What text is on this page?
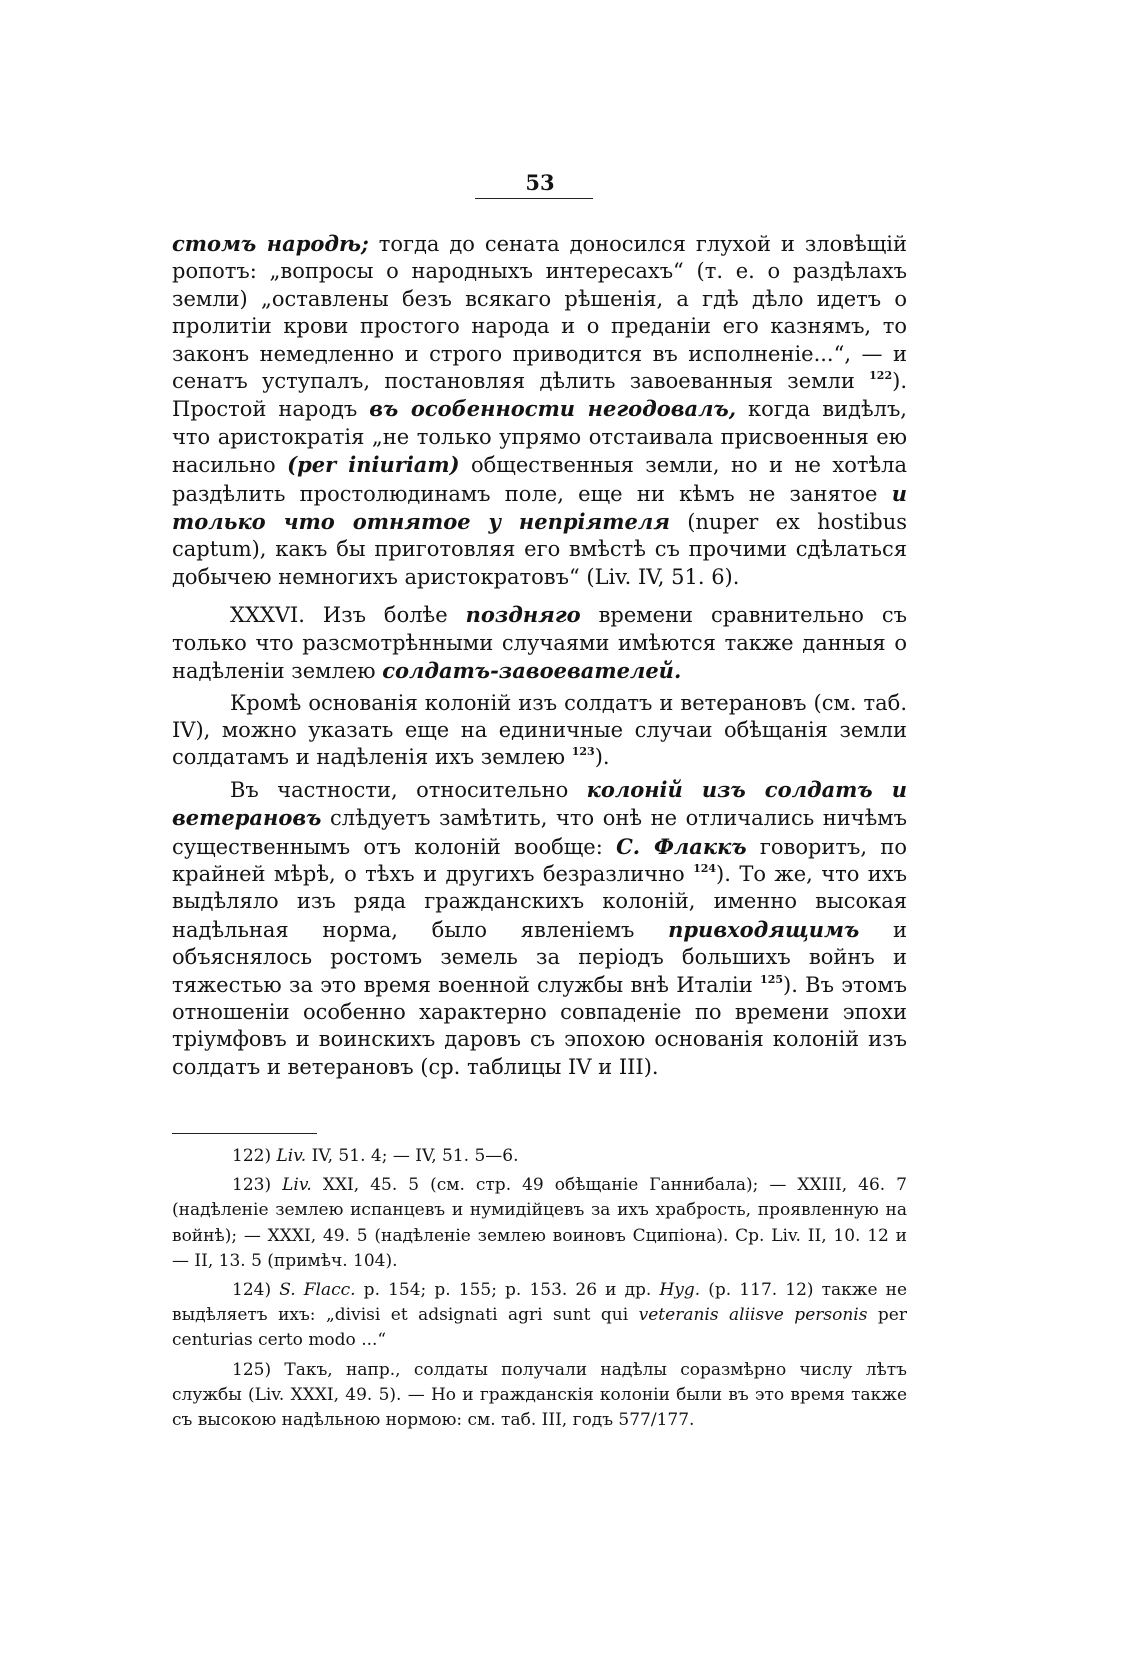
53

стомъ народѣ; тогда до сената доносился глухой и зловѣщій ропотъ: „вопросы о народныхъ интересахъ“ (т. е. о раздѣлахъ земли) „оставлены безъ всякаго рѣшенія, а гдѣ дѣло идетъ о пролитіи крови простого народа и о преданіи его казнямъ, то законъ немедленно и строго приводится въ исполненіе...“, — и сенатъ уступалъ, постановляя дѣлить завоеванныя земли $^{122}$). Простой народъ въ особенности негодовалъ, когда видѣлъ, что аристократія „не только упрямо отстаивала присвоенныя ею насильно (per iniuriam) общественныя земли, но и не хотѣла раздѣлить простолюдинамъ поле, еще ни кѣмъ не занятое и только что отнятое у непріятеля (nuper ex hostibus captum), какъ бы приготовляя его вмѣстѣ съ прочими сдѣлаться добычею немногихъ аристократовъ“ (Liv. IV, 51. 6).

XXXVI. Изъ болѣе поздняго времени сравнительно съ только что разсмотрѣнными случаями имѣются также данныя о надѣленіи землею солдатъ-завоевателей.

Кромѣ основанія колоній изъ солдатъ и ветерановъ (см. таб. IV), можно указать еще на единичные случаи обѣщанія земли солдатамъ и надѣленія ихъ землею $^{123}$).

Въ частности, относительно колоній изъ солдатъ и ветерановъ слѣдуетъ замѣтить, что онѣ не отличались ничѣмъ существеннымъ отъ колоній вообще: С. Флаккъ говоритъ, по крайней мѣрѣ, о тѣхъ и другихъ безразлично $^{124}$). То же, что ихъ выдѣляло изъ ряда гражданскихъ колоній, именно высокая надѣльная норма, было явленіемъ привходящимъ и объяснялось ростомъ земель за періодъ большихъ войнъ и тяжестью за это время военной службы внѣ Италіи $^{125}$). Въ этомъ отношеніи особенно характерно совпаденіе по времени эпохи тріумфовъ и воинскихъ даровъ съ эпохою основанія колоній изъ солдатъ и ветерановъ (ср. таблицы IV и III).

122) Liv. IV, 51. 4; — IV, 51. 5—6.

123) Liv. XXI, 45. 5 (см. стр. 49 обѣщаніе Ганнибала); — XXIII, 46. 7 (надѣленіе землею испанцевъ и нумидійцевъ за ихъ храбрость, проявленную на войнѣ); — XXXI, 49. 5 (надѣленіе землею воиновъ Сципіона). Ср. Liv. II, 10. 12 и — II, 13. 5 (примѣч. 104).

124) S. Flacc. p. 154; p. 155; p. 153. 26 и др. Hyg. (p. 117. 12) также не выдѣляетъ ихъ: „divisi et adsignati agri sunt qui veteranis aliisve personis per centurias certo modo ...“

125) Такъ, напр., солдаты получали надѣлы соразмѣрно числу лѣтъ службы (Liv. XXXI, 49. 5). — Но и гражданскія колоніи были въ это время также съ высокою надѣльною нормою: см. таб. III, годъ 577/177.
